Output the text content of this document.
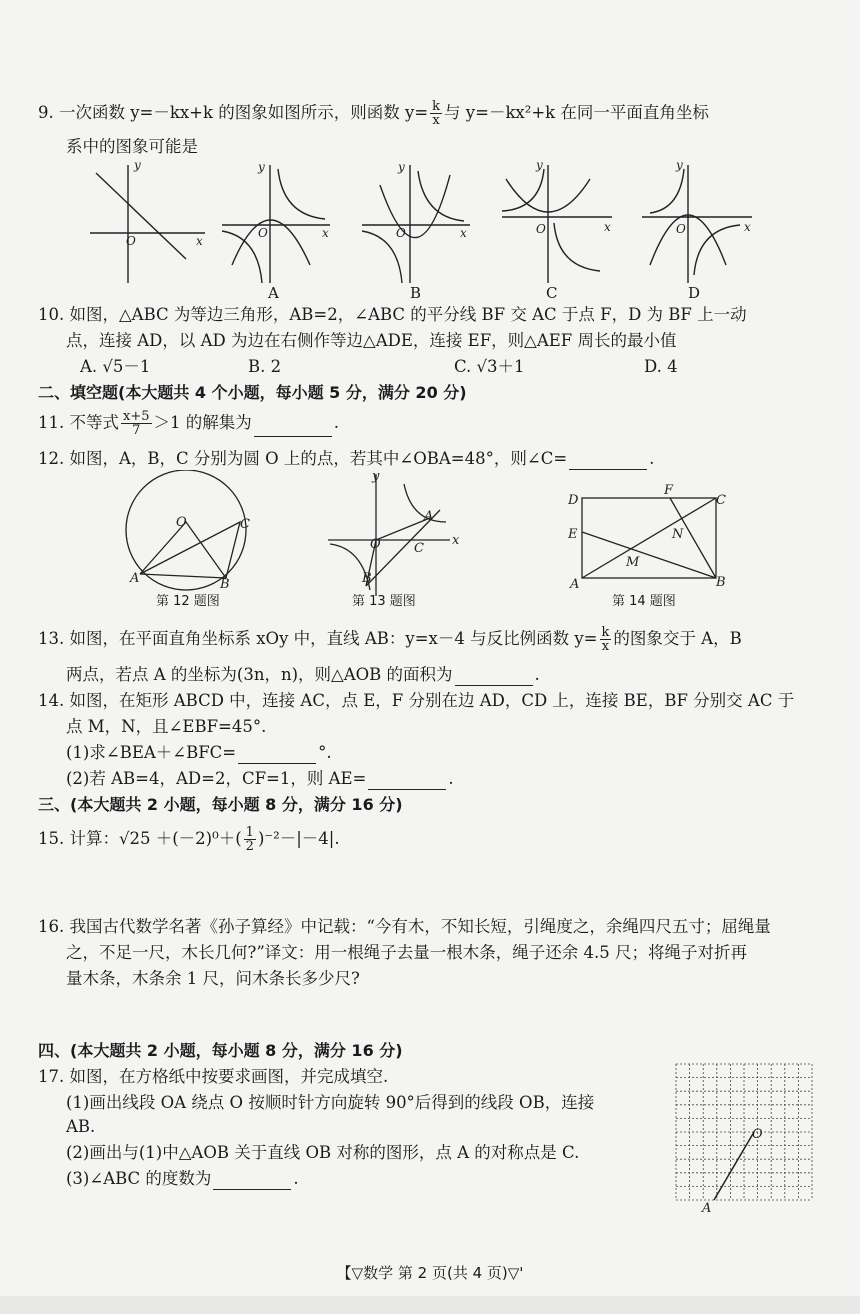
9. 一次函数 y=－kx+k 的图象如图所示，则函数 $y= \frac{k}{x}$ 与 y=－kx²+k 在同一平面直角坐标
系中的图象可能是
y
x
O
y
x
O
y
x
O
y
x
O
y
x
O
A	B	C	D
10. 如图，△ABC 为等边三角形，AB=2，∠ABC 的平分线 BF 交 AC 于点 F，D 为 BF 上一动
点，连接 AD，以 AD 为边在右侧作等边△ADE，连接 EF，则△AEF 周长的最小值
A. √5－1	B. 2	C. √3＋1	D. 4
二、填空题(本大题共 4 个小题，每小题 5 分，满分 20 分)
11. 不等式 $\frac{x+5}{7} >1$ 的解集为	.
12. 如图，A，B，C 分别为圆 O 上的点，若其中∠OBA=48°，则∠C=	.
O	C
A	B
y
x
O
A
C
B
D
F
C
E	N
M
A	B
第 12 题图	第 13 题图	第 14 题图
13. 如图，在平面直角坐标系 xOy 中，直线 AB：y=x－4 与反比例函数 $y= \frac{k}{x}$ 的图象交于 A，B
两点，若点 A 的坐标为(3n，n)，则△AOB 的面积为	.
14. 如图，在矩形 ABCD 中，连接 AC，点 E，F 分别在边 AD，CD 上，连接 BE，BF 分别交 AC 于
点 M，N，且∠EBF=45°.
(1)求∠BEA＋∠BFC=	°.
(2)若 AB=4，AD=2，CF=1，则 AE=	.
三、(本大题共 2 小题，每小题 8 分，满分 16 分)
15. 计算：$√25 +(-2)^0+( \frac{1}{2} )^{-2}-|-4|$.
16. 我国古代数学名著《孙子算经》中记载：“今有木，不知长短，引绳度之，余绳四尺五寸；屈绳量
之，不足一尺，木长几何?”译文：用一根绳子去量一根木条，绳子还余 4.5 尺；将绳子对折再
量木条，木条余 1 尺，问木条长多少尺?
四、(本大题共 2 小题，每小题 8 分，满分 16 分)
17. 如图，在方格纸中按要求画图，并完成填空.
(1)画出线段 OA 绕点 O 按顺时针方向旋转 90°后得到的线段 OB，连接
AB.
(2)画出与(1)中△AOB 关于直线 OB 对称的图形，点 A 的对称点是 C.
(3)∠ABC 的度数为	.
O
A
【▽数学 第 2 页(共 4 页)▽'
